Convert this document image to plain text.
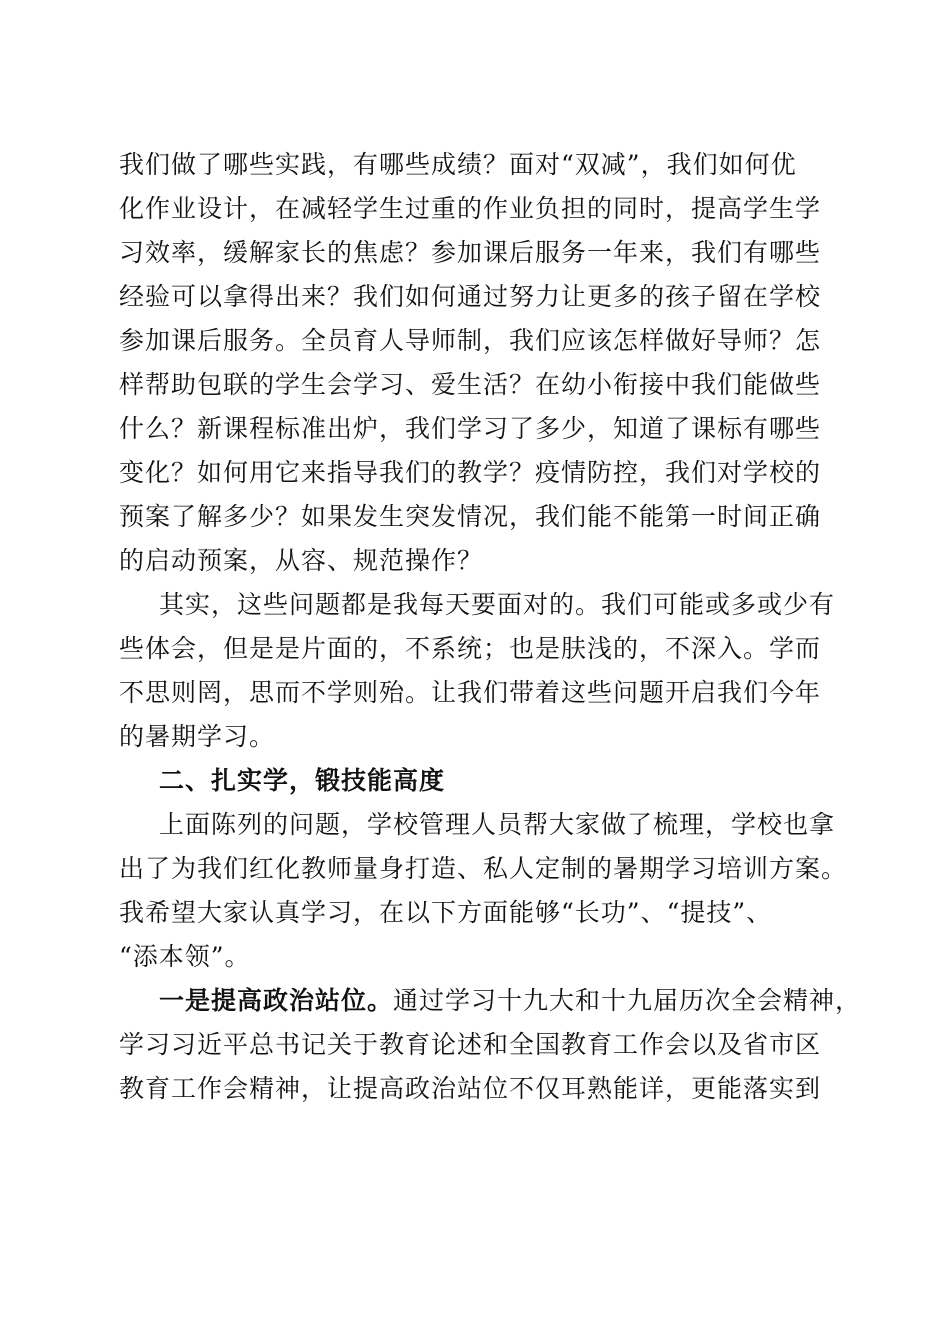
我们做了哪些实践，有哪些成绩？面对“双减”，我们如何优
化作业设计，在减轻学生过重的作业负担的同时，提高学生学
习效率，缓解家长的焦虑？参加课后服务一年来，我们有哪些
经验可以拿得出来？我们如何通过努力让更多的孩子留在学校
参加课后服务。全员育人导师制，我们应该怎样做好导师？怎
样帮助包联的学生会学习、爱生活？在幼小衔接中我们能做些
什么？新课程标准出炉，我们学习了多少，知道了课标有哪些
变化？如何用它来指导我们的教学？疫情防控，我们对学校的
预案了解多少？如果发生突发情况，我们能不能第一时间正确
的启动预案，从容、规范操作？
其实，这些问题都是我每天要面对的。我们可能或多或少有
些体会，但是是片面的，不系统；也是肤浅的，不深入。学而
不思则罔，思而不学则殆。让我们带着这些问题开启我们今年
的暑期学习。
二、扎实学，锻技能高度
上面陈列的问题，学校管理人员帮大家做了梳理，学校也拿
出了为我们红化教师量身打造、私人定制的暑期学习培训方案。
我希望大家认真学习，在以下方面能够“长功”、“提技”、
“添本领”。
一是提高政治站位。通过学习十九大和十九届历次全会精神，
学习习近平总书记关于教育论述和全国教育工作会以及省市区
教育工作会精神，让提高政治站位不仅耳熟能详，更能落实到
